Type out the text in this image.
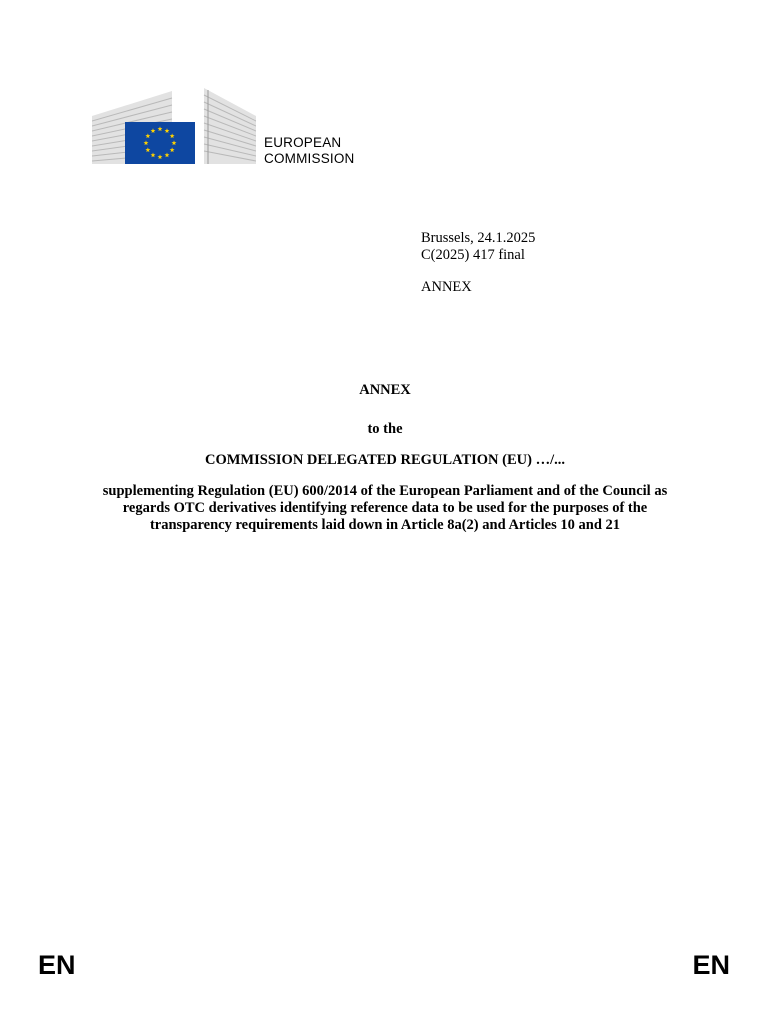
EUROPEAN
COMMISSION
Brussels, 24.1.2025
C(2025) 417 final
ANNEX
ANNEX
to the
COMMISSION DELEGATED REGULATION (EU) …/...
supplementing Regulation (EU) 600/2014 of the European Parliament and of the Council as regards OTC derivatives identifying reference data to be used for the purposes of the transparency requirements laid down in Article 8a(2) and Articles 10 and 21
EN	EN
